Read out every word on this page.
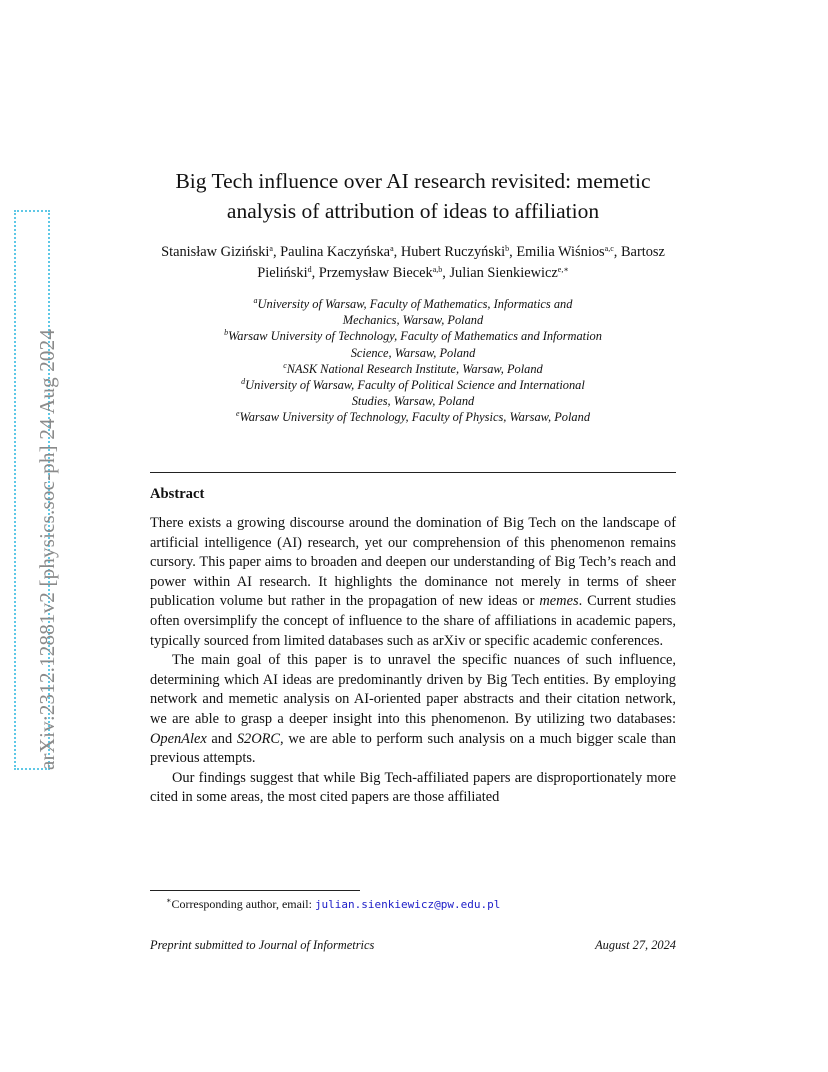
arXiv:2312.12881v2 [physics.soc-ph] 24 Aug 2024
Big Tech influence over AI research revisited: memetic
analysis of attribution of ideas to affiliation
Stanisław Giziński$^a$, Paulina Kaczyńska$^a$, Hubert Ruczyński$^b$, Emilia Wiśnios$^{a,c}$, Bartosz Pieliński$^d$, Przemysław Biecek$^{a,b}$, Julian Sienkiewicz$^{e,∗}$
$^a$University of Warsaw, Faculty of Mathematics, Informatics and
Mechanics, Warsaw, Poland
$^b$Warsaw University of Technology, Faculty of Mathematics and Information
Science, Warsaw, Poland
$^c$NASK National Research Institute, Warsaw, Poland
$^d$University of Warsaw, Faculty of Political Science and International
Studies, Warsaw, Poland
$^e$Warsaw University of Technology, Faculty of Physics, Warsaw, Poland
Abstract

There exists a growing discourse around the domination of Big Tech on the landscape of artificial intelligence (AI) research, yet our comprehension of this phenomenon remains cursory. This paper aims to broaden and deepen our understanding of Big Tech’s reach and power within AI research. It highlights the dominance not merely in terms of sheer publication volume but rather in the propagation of new ideas or memes. Current studies often oversimplify the concept of influence to the share of affiliations in academic papers, typically sourced from limited databases such as arXiv or specific academic conferences.

The main goal of this paper is to unravel the specific nuances of such influence, determining which AI ideas are predominantly driven by Big Tech entities. By employing network and memetic analysis on AI-oriented paper abstracts and their citation network, we are able to grasp a deeper insight into this phenomenon. By utilizing two databases: OpenAlex and S2ORC, we are able to perform such analysis on a much bigger scale than previous attempts.

Our findings suggest that while Big Tech-affiliated papers are disproportionately more cited in some areas, the most cited papers are those affiliated

∗Corresponding author, email: julian.sienkiewicz@pw.edu.pl
Preprint submitted to Journal of Informetrics	August 27, 2024
